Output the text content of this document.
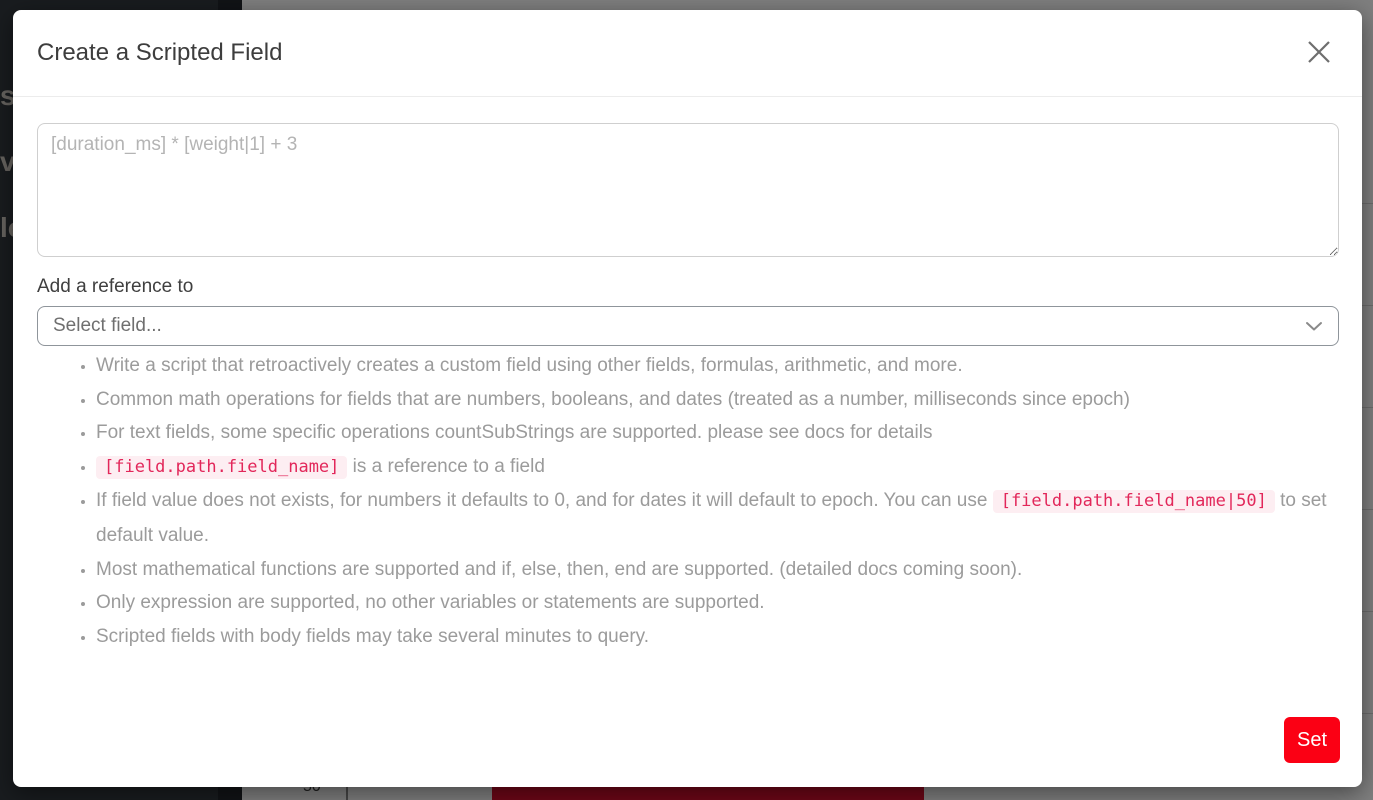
Create a Scripted Field
[duration_ms] * [weight|1] + 3
Add a reference to
Select field...
• Write a script that retroactively creates a custom field using other fields, formulas, arithmetic, and more.
• Common math operations for fields that are numbers, booleans, and dates (treated as a number, milliseconds since epoch)
• For text fields, some specific operations countSubStrings are supported. please see docs for details
• [field.path.field_name] is a reference to a field
• If field value does not exists, for numbers it defaults to 0, and for dates it will default to epoch. You can use [field.path.field_name|50] to set default value.
• Most mathematical functions are supported and if, else, then, end are supported. (detailed docs coming soon).
• Only expression are supported, no other variables or statements are supported.
• Scripted fields with body fields may take several minutes to query.
Set
